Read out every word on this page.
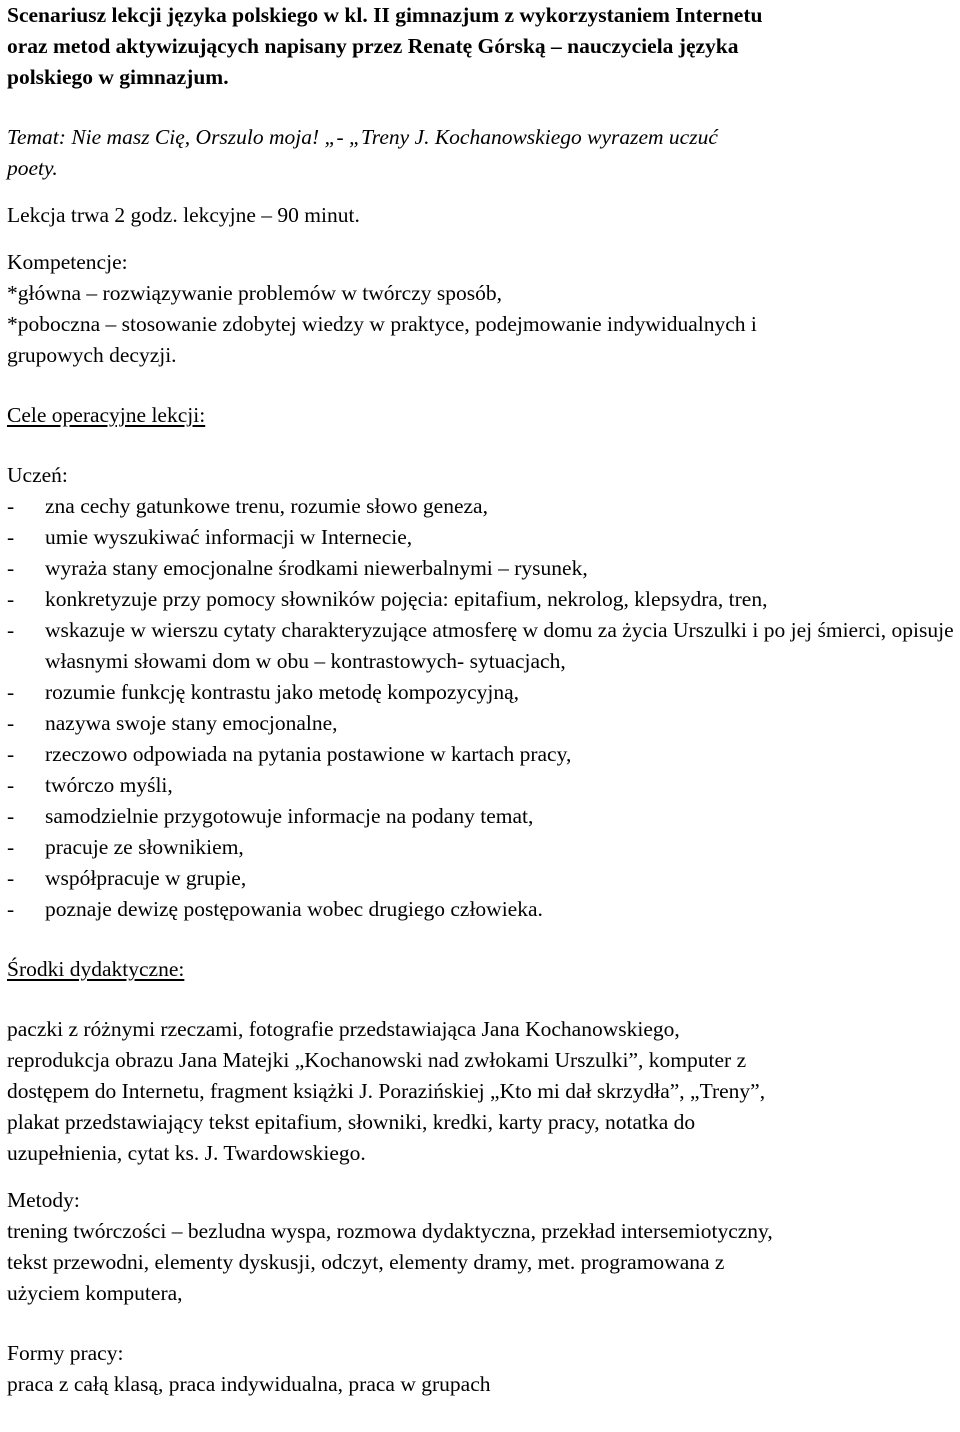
Scenariusz lekcji języka polskiego w kl. II gimnazjum z wykorzystaniem Internetu

oraz metod aktywizujących napisany przez Renatę Górską – nauczyciela języka

polskiego w gimnazjum.

Temat: Nie masz Cię, Orszulo moja! „- „Treny J. Kochanowskiego wyrazem uczuć

poety.

Lekcja trwa 2 godz. lekcyjne – 90 minut.

Kompetencje:

*główna – rozwiązywanie problemów w twórczy sposób,

*poboczna – stosowanie zdobytej wiedzy w praktyce, podejmowanie indywidualnych i

grupowych decyzji.

Cele operacyjne lekcji:

Uczeń:

- zna cechy gatunkowe trenu, rozumie słowo geneza,
- umie wyszukiwać informacji w Internecie,
- wyraża stany emocjonalne środkami niewerbalnymi – rysunek,
- konkretyzuje przy pomocy słowników pojęcia: epitafium, nekrolog, klepsydra, tren,
- wskazuje w wierszu cytaty charakteryzujące atmosferę w domu za życia Urszulki i po jej śmierci, opisuje własnymi słowami dom w obu – kontrastowych- sytuacjach,
- rozumie funkcję kontrastu jako metodę kompozycyjną,
- nazywa swoje stany emocjonalne,
- rzeczowo odpowiada na pytania postawione w kartach pracy,
- twórczo myśli,
- samodzielnie przygotowuje informacje na podany temat,
- pracuje ze słownikiem,
- współpracuje w grupie,
- poznaje dewizę postępowania wobec drugiego człowieka.

Środki dydaktyczne:

paczki z różnymi rzeczami, fotografie przedstawiająca Jana Kochanowskiego,

reprodukcja obrazu Jana Matejki „Kochanowski nad zwłokami Urszulki”, komputer z

dostępem do Internetu, fragment książki J. Porazińskiej „Kto mi dał skrzydła”, „Treny”,

plakat przedstawiający tekst epitafium, słowniki, kredki, karty pracy, notatka do

uzupełnienia, cytat ks. J. Twardowskiego.

Metody:

trening twórczości – bezludna wyspa, rozmowa dydaktyczna, przekład intersemiotyczny,

tekst przewodni, elementy dyskusji, odczyt, elementy dramy, met. programowana z

użyciem komputera,

Formy pracy:

praca z całą klasą, praca indywidualna, praca w grupach
